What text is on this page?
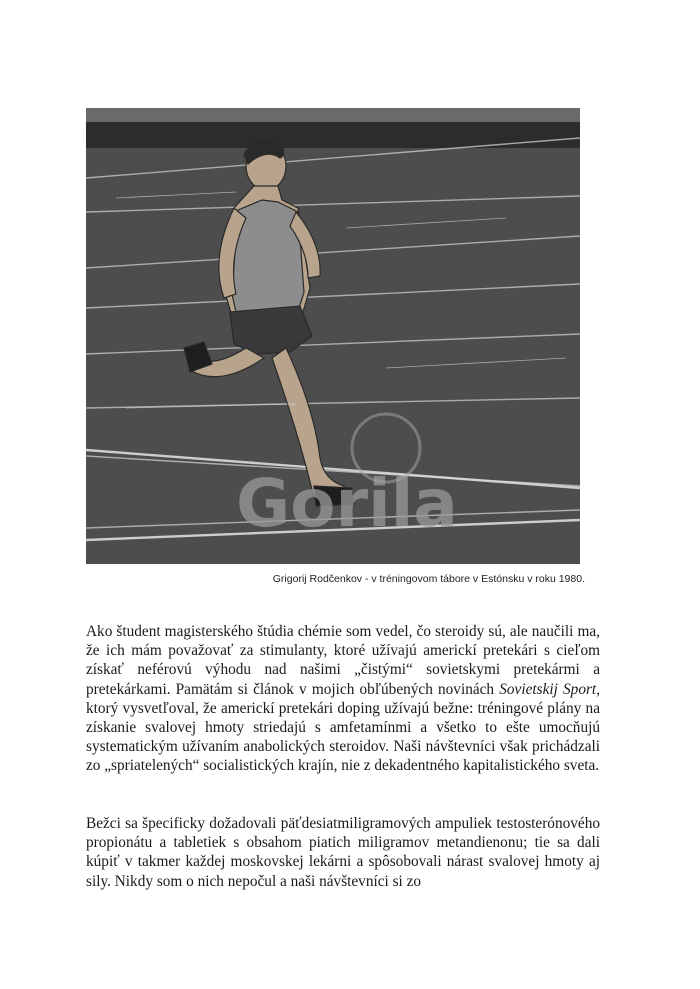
Gorila
Grigorij Rodčenkov - v tréningovom tábore v Estónsku v roku 1980.

Ako študent magisterského štúdia chémie som vedel, čo steroidy sú, ale naučili ma, že ich mám považovať za stimulanty, ktoré užívajú americkí pretekári s cieľom získať neférovú výhodu nad našimi „čistými“ sovietskymi pretekármi a pretekárkami. Pamätám si článok v mojich obľúbených novinách Sovietskij Sport, ktorý vysvetľoval, že americkí pretekári doping užívajú bežne: tréningové plány na získanie svalovej hmoty striedajú s amfetamínmi a všetko to ešte umocňujú systematickým užívaním anabolických steroidov. Naši návštevníci však prichádzali zo „spriatelených“ socialistických krajín, nie z dekadentného kapitalistického sveta.

Bežci sa špecificky dožadovali päťdesiatmiligramových ampuliek testosterónového propionátu a tabletiek s obsahom piatich miligramov metandienonu; tie sa dali kúpiť v takmer každej moskovskej lekárni a spôsobovali nárast svalovej hmoty aj sily. Nikdy som o nich nepočul a naši návštevníci si zo
